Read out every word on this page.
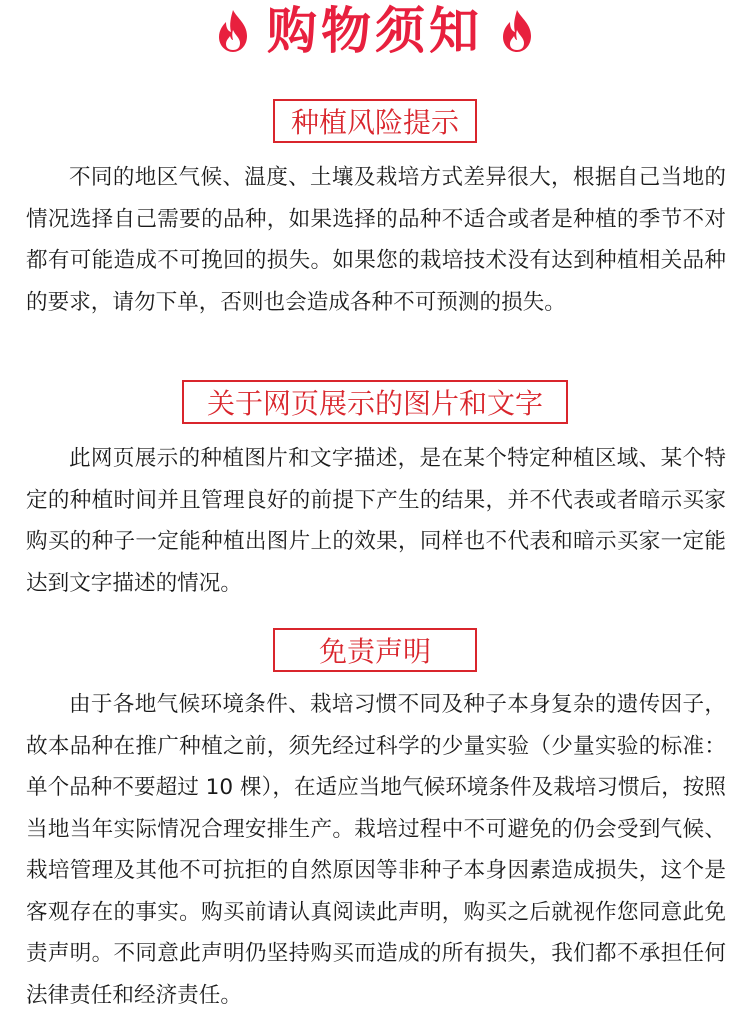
购物须知
种植风险提示

不同的地区气候、温度、土壤及栽培方式差异很大，根据自己当地的情况选择自己需要的品种，如果选择的品种不适合或者是种植的季节不对都有可能造成不可挽回的损失。如果您的栽培技术没有达到种植相关品种的要求，请勿下单，否则也会造成各种不可预测的损失。

关于网页展示的图片和文字

此网页展示的种植图片和文字描述，是在某个特定种植区域、某个特定的种植时间并且管理良好的前提下产生的结果，并不代表或者暗示买家购买的种子一定能种植出图片上的效果，同样也不代表和暗示买家一定能达到文字描述的情况。

免责声明

由于各地气候环境条件、栽培习惯不同及种子本身复杂的遗传因子，故本品种在推广种植之前，须先经过科学的少量实验（少量实验的标准：单个品种不要超过 10 棵），在适应当地气候环境条件及栽培习惯后，按照当地当年实际情况合理安排生产。栽培过程中不可避免的仍会受到气候、栽培管理及其他不可抗拒的自然原因等非种子本身因素造成损失，这个是客观存在的事实。购买前请认真阅读此声明，购买之后就视作您同意此免责声明。不同意此声明仍坚持购买而造成的所有损失，我们都不承担任何法律责任和经济责任。
